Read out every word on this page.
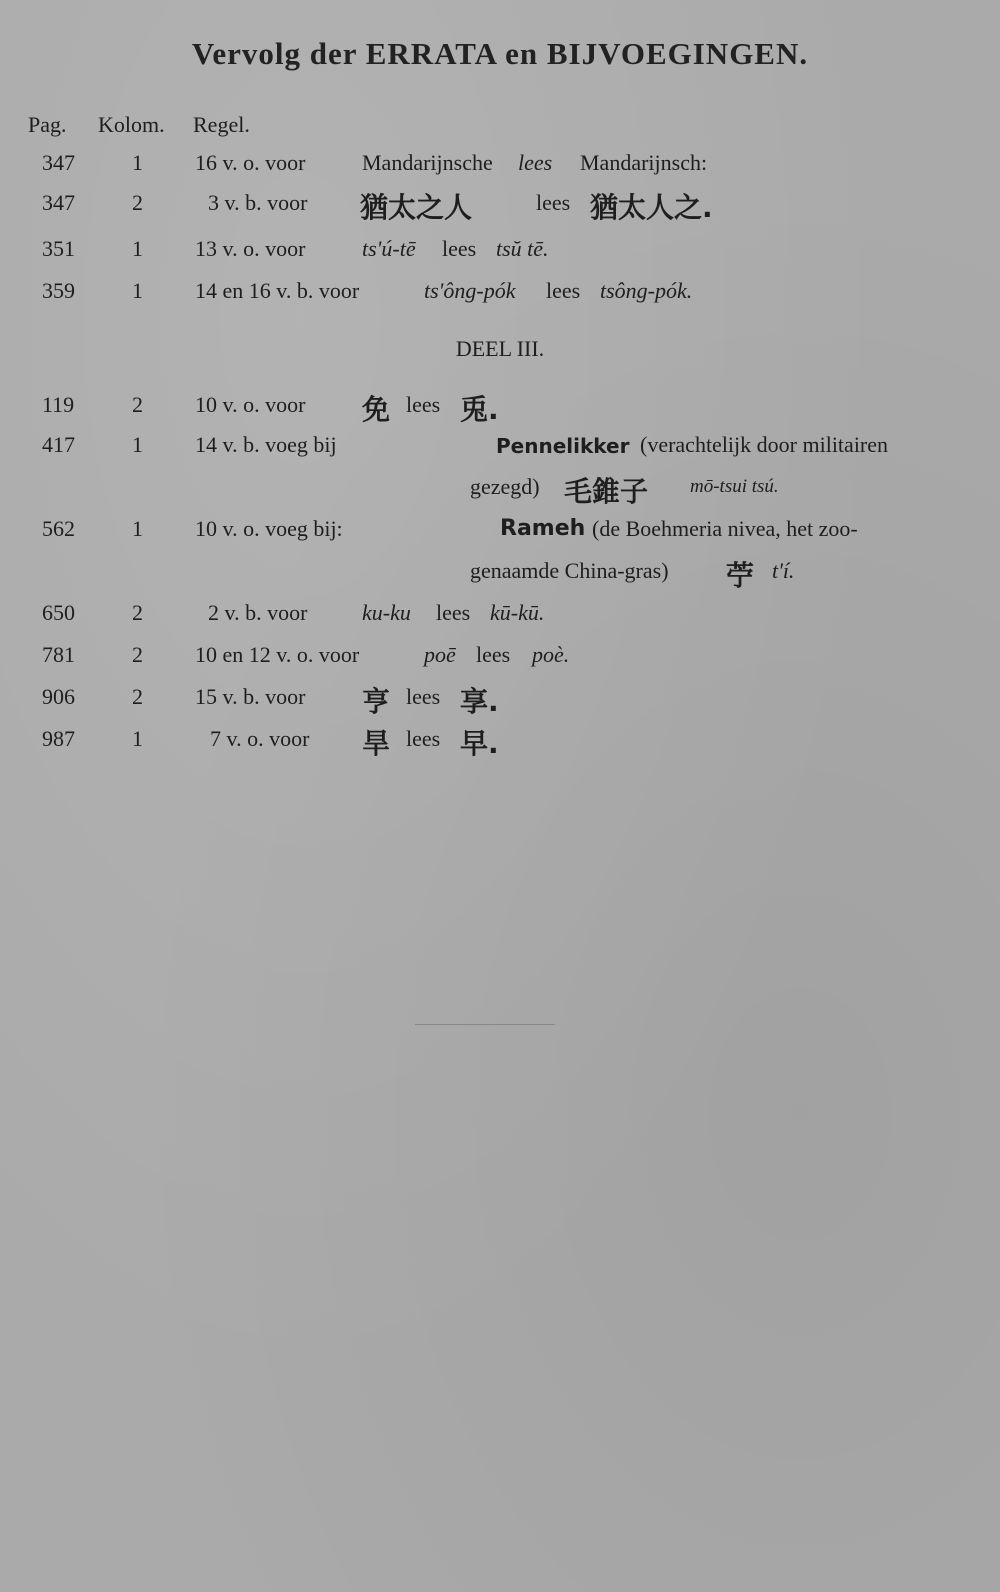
Vervolg der ERRATA en BIJVOEGINGEN.
Pag. Kolom. Regel.
347	1 16 v. o. voor	Mandarijnsche lees Mandarijnsch:
347	2	3 v. b. voor 猶太之人	lees 猶太人之.
351	1 13 v. o. voor	ts'ú-tē lees tsŭ tē.
359	1 14 en 16 v. b. voor	ts'ông-pók lees tsông-pók.
DEEL III.
119	2 10 v. o. voor 免 lees 兎.
417	1 14 v. b. voeg bij	Pennelikker (verachtelijk door militairen
gezegd) 毛錐子 mō-tsui tsú.
562	1 10 v. o. voeg bij:	Rameh (de Boehmeria nivea, het zoo-
genaamde China-gras) 苧 t'í.
650	2	2 v. b. voor ku-ku lees kū-kū.
781	2 10 en 12 v. o. voor	poē lees poè.
906	2 15 v. b. voor 亨 lees 享.
987	1	7 v. o. voor 旱 lees 早.
